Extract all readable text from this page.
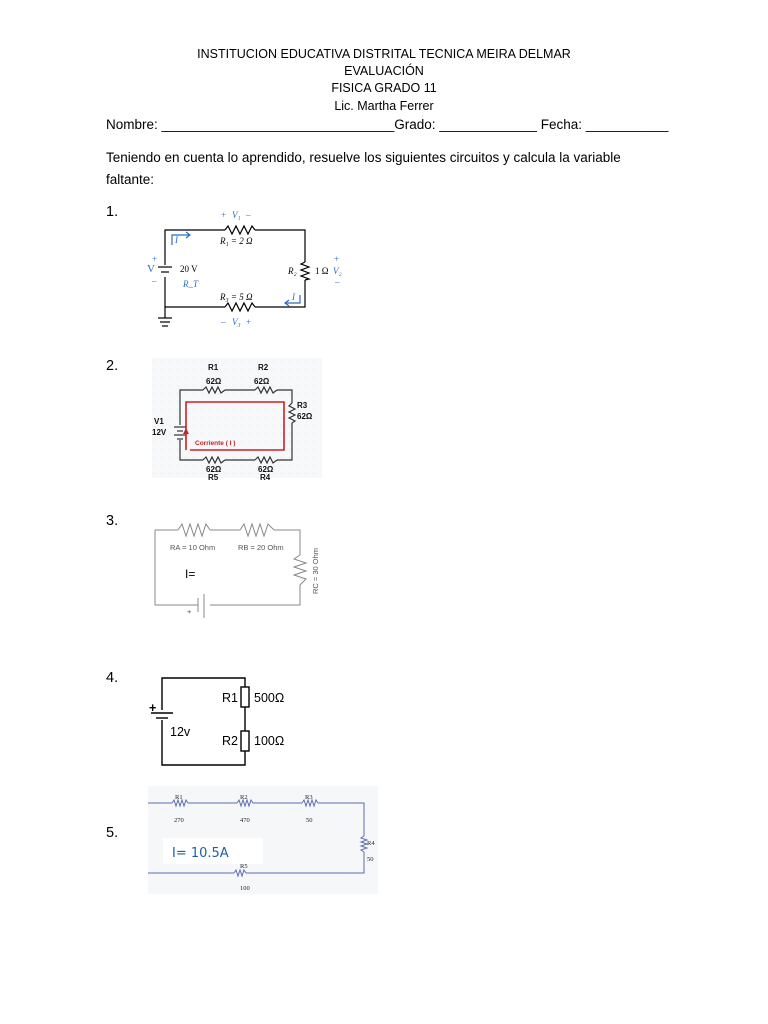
INSTITUCION EDUCATIVA DISTRITAL TECNICA MEIRA DELMAR
EVALUACIÓN
FISICA GRADO 11
Lic. Martha Ferrer
Nombre: _______________________________Grado: _____________ Fecha: ___________
Teniendo en cuenta lo aprendido, resuelve los siguientes circuitos y calcula la variable
faltante:
1.
2.
3.
4.
5.
+ V₁ –
R₁ = 2 Ω
I
+
V
–
20 V
R_T
R₂ 1 Ω
+
V₂
–
R₃ = 5 Ω	I
– V₃ +
R1
62Ω
R2
62Ω
R3
62Ω
V1
12V
62Ω
R5
62Ω
R4
Corriente ( I )
RA = 10 Ohm	RB = 20 Ohm
+
RC = 30 Ohm
I=
+
12v
R1 500Ω
R2 100Ω
R1
270
R2
470
R3
50
R4
50
R5
100
I= 10.5A
